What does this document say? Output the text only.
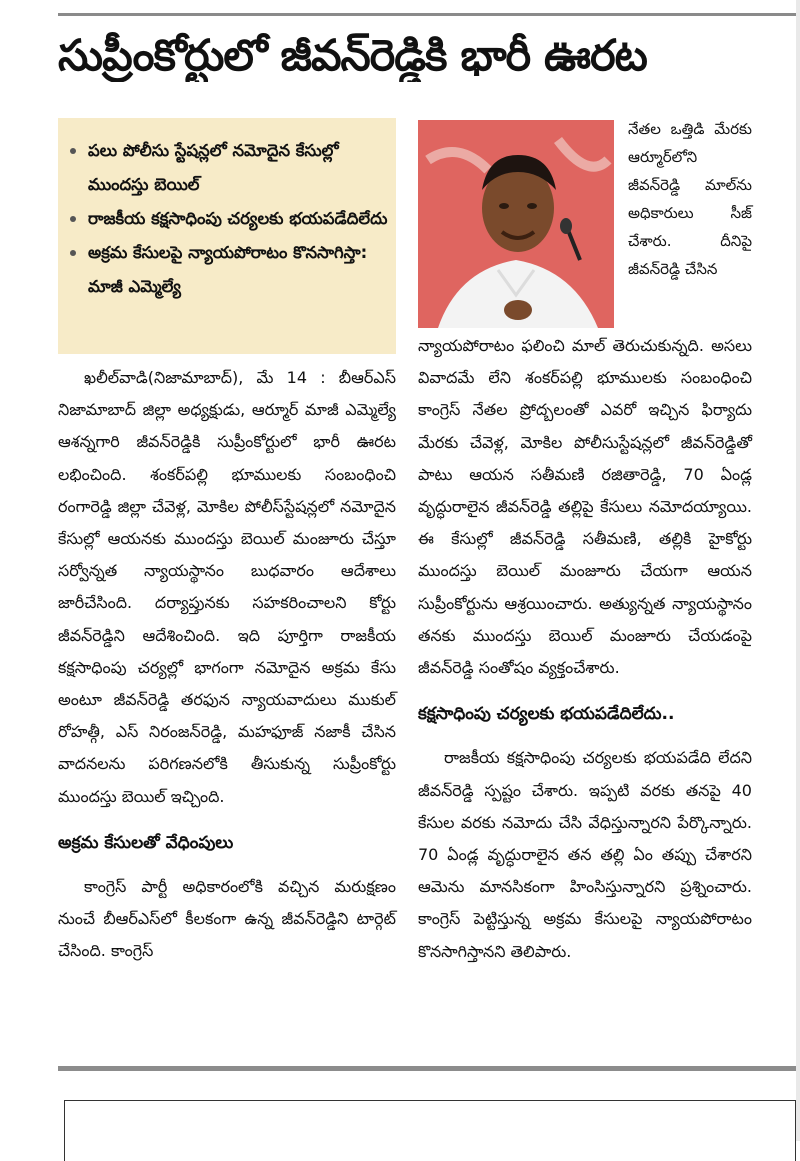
సుప్రీంకోర్టులో జీవన్‌రెడ్డికి భారీ ఊరట
పలు పోలీసు స్టేషన్లలో నమోదైన కేసుల్లో ముందస్తు బెయిల్
రాజకీయ కక్షసాధింపు చర్యలకు భయపడేదిలేదు
అక్రమ కేసులపై న్యాయపోరాటం కొనసాగిస్తా: మాజీ ఎమ్మెల్యే

నేతల ఒత్తిడి మేరకు ఆర్మూర్‌లోని జీవన్‌రెడ్డి మాల్‌ను అధికారులు సీజ్ చేశారు. దీనిపై జీవన్‌రెడ్డి చేసిన

ఖలీల్‌వాడి(నిజామాబాద్), మే 14 : బీఆర్ఎస్ నిజామాబాద్ జిల్లా అధ్యక్షుడు, ఆర్మూర్ మాజీ ఎమ్మెల్యే ఆశన్నగారి జీవన్‌రెడ్డికి సుప్రీంకోర్టులో భారీ ఊరట లభించింది. శంకర్‌పల్లి భూములకు సంబంధించి రంగారెడ్డి జిల్లా చేవెళ్ల, మోకిల పోలీస్‌స్టేషన్లలో నమోదైన కేసుల్లో ఆయనకు ముందస్తు బెయిల్ మంజూరు చేస్తూ సర్వోన్నత న్యాయస్థానం బుధవారం ఆదేశాలు జారీచేసింది. దర్యాప్తునకు సహకరించాలని కోర్టు జీవన్‌రెడ్డిని ఆదేశించింది. ఇది పూర్తిగా రాజకీయ కక్షసాధింపు చర్యల్లో భాగంగా నమోదైన అక్రమ కేసు అంటూ జీవన్‌రెడ్డి తరఫున న్యాయవాదులు ముకుల్ రోహత్గీ, ఎస్ నిరంజన్‌రెడ్డి, మహఫూజ్ నజాకీ చేసిన వాదనలను పరిగణనలోకి తీసుకున్న సుప్రీంకోర్టు ముందస్తు బెయిల్ ఇచ్చింది.

అక్రమ కేసులతో వేధింపులు

కాంగ్రెస్ పార్టీ అధికారంలోకి వచ్చిన మరుక్షణం నుంచే బీఆర్ఎస్‌లో కీలకంగా ఉన్న జీవన్‌రెడ్డిని టార్గెట్ చేసింది. కాంగ్రెస్

న్యాయపోరాటం ఫలించి మాల్ తెరుచుకున్నది. అసలు వివాదమే లేని శంకర్‌పల్లి భూములకు సంబంధించి కాంగ్రెస్ నేతల ప్రోద్బలంతో ఎవరో ఇచ్చిన ఫిర్యాదు మేరకు చేవెళ్ల, మోకిల పోలీసుస్టేషన్లలో జీవన్‌రెడ్డితో పాటు ఆయన సతీమణి రజితారెడ్డి, 70 ఏండ్ల వృద్ధురాలైన జీవన్‌రెడ్డి తల్లిపై కేసులు నమోదయ్యాయి. ఈ కేసుల్లో జీవన్‌రెడ్డి సతీమణి, తల్లికి హైకోర్టు ముందస్తు బెయిల్ మంజూరు చేయగా ఆయన సుప్రీంకోర్టును ఆశ్రయించారు. అత్యున్నత న్యాయస్థానం తనకు ముందస్తు బెయిల్ మంజూరు చేయడంపై జీవన్‌రెడ్డి సంతోషం వ్యక్తంచేశారు.

కక్షసాధింపు చర్యలకు భయపడేదిలేదు..

రాజకీయ కక్షసాధింపు చర్యలకు భయపడేది లేదని జీవన్‌రెడ్డి స్పష్టం చేశారు. ఇప్పటి వరకు తనపై 40 కేసుల వరకు నమోదు చేసి వేధిస్తున్నారని పేర్కొన్నారు. 70 ఏండ్ల వృద్ధురాలైన తన తల్లి ఏం తప్పు చేశారని ఆమెను మానసికంగా హింసిస్తున్నారని ప్రశ్నించారు. కాంగ్రెస్ పెట్టిస్తున్న అక్రమ కేసులపై న్యాయపోరాటం కొనసాగిస్తానని తెలిపారు.
